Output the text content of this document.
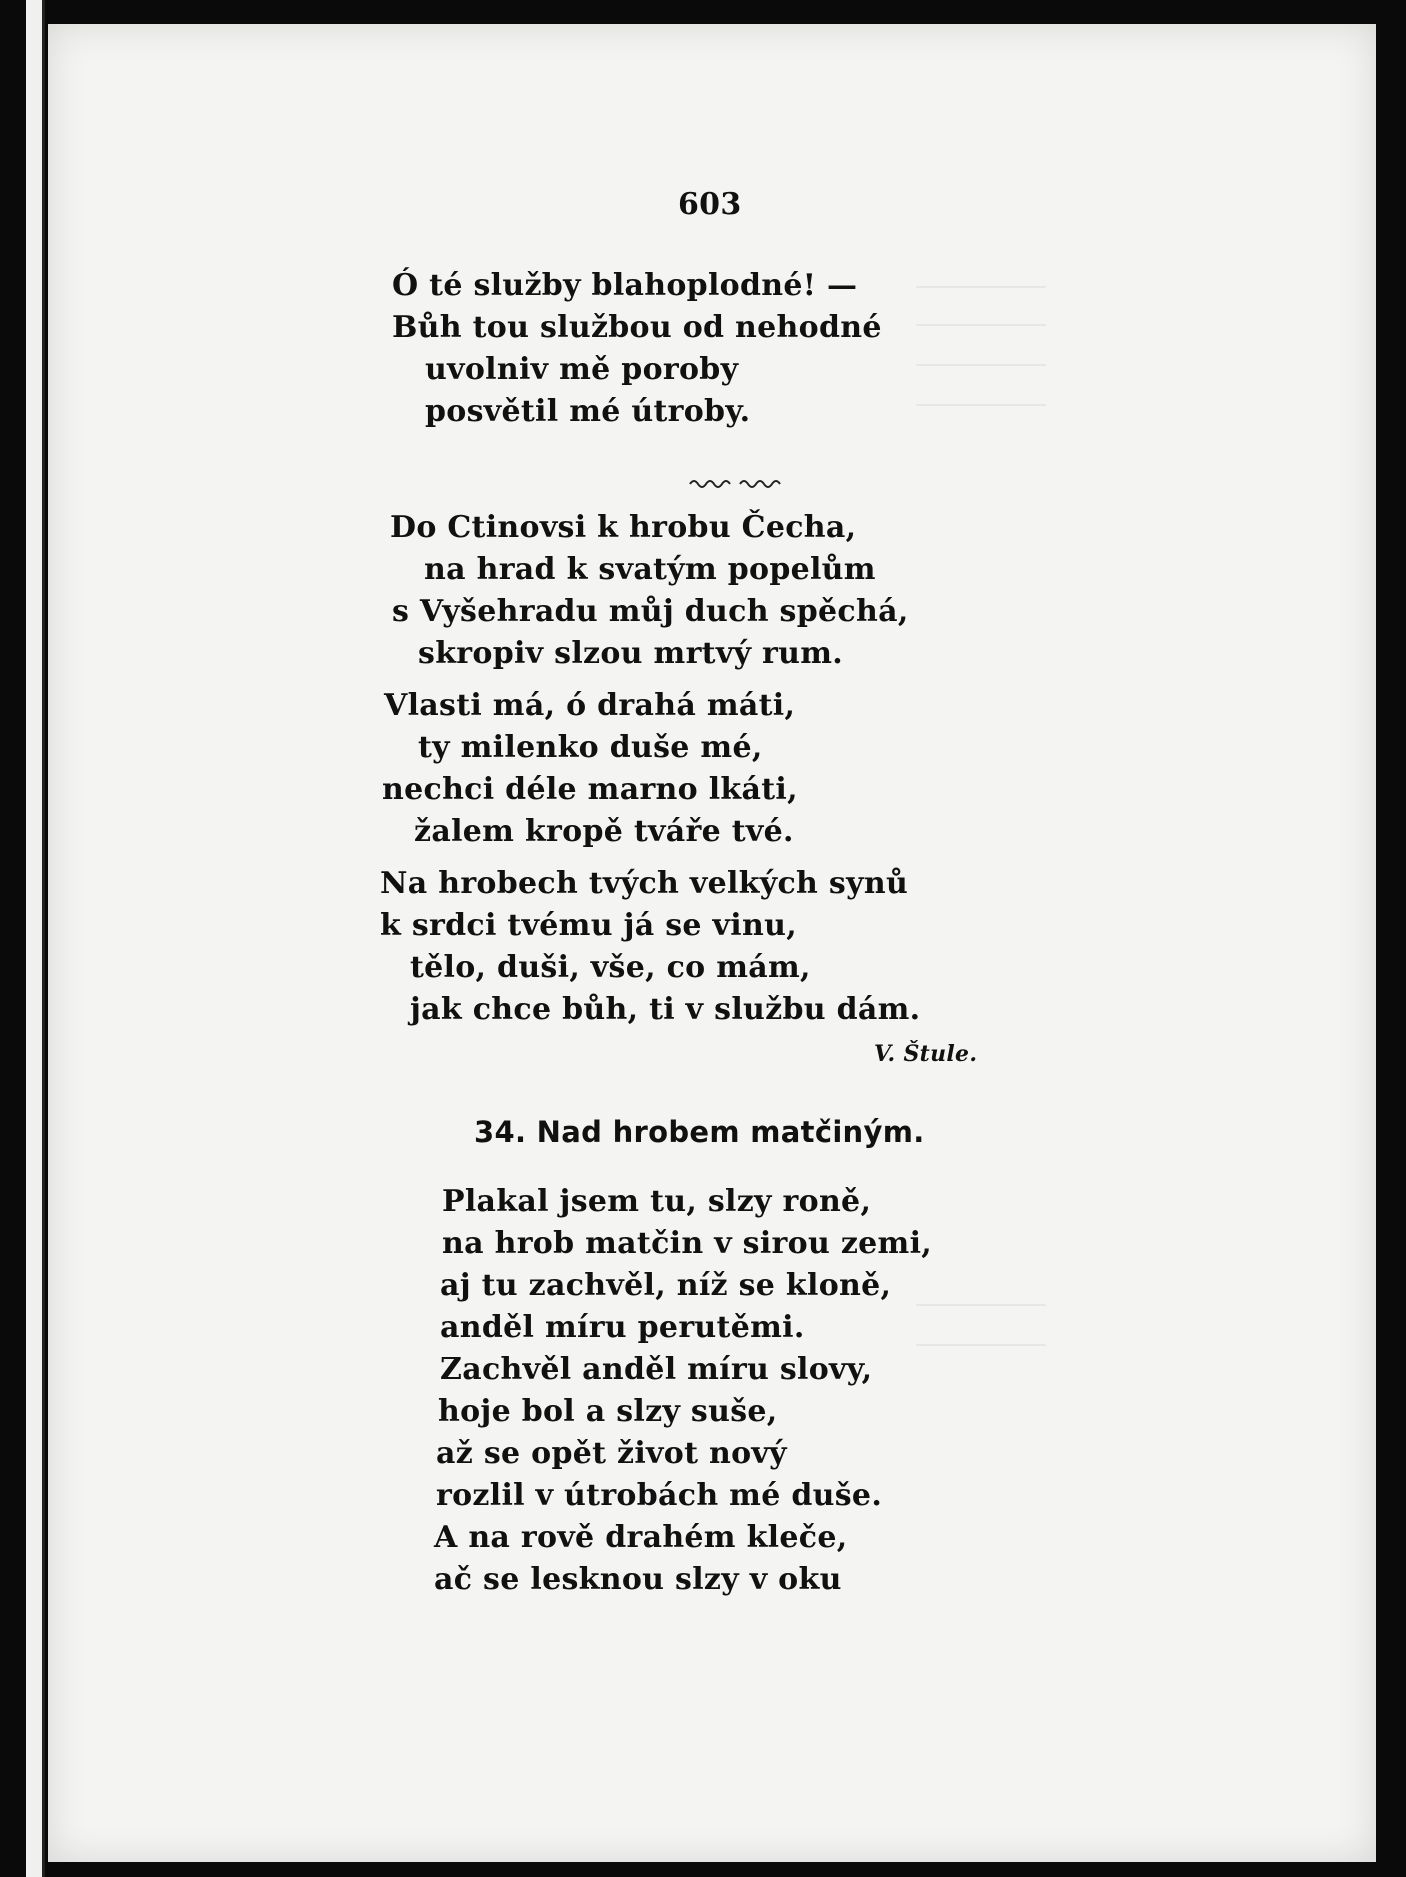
603
Ó té služby blahoplodné! —
Bůh tou službou od nehodné
uvolniv mě poroby
posvětil mé útroby.
Do Ctinovsi k hrobu Čecha,
na hrad k svatým popelům
s Vyšehradu můj duch spěchá,
skropiv slzou mrtvý rum.
Vlasti má, ó drahá máti,
ty milenko duše mé,
nechci déle marno lkáti,
žalem kropě tváře tvé.
Na hrobech tvých velkých synů
k srdci tvému já se vinu,
tělo, duši, vše, co mám,
jak chce bůh, ti v službu dám.
V. Štule.
34. Nad hrobem matčiným.
Plakal jsem tu, slzy roně,
na hrob matčin v sirou zemi,
aj tu zachvěl, níž se kloně,
anděl míru perutěmi.
Zachvěl anděl míru slovy,
hoje bol a slzy suše,
až se opět život nový
rozlil v útrobách mé duše.
A na rově drahém kleče,
ač se lesknou slzy v oku
